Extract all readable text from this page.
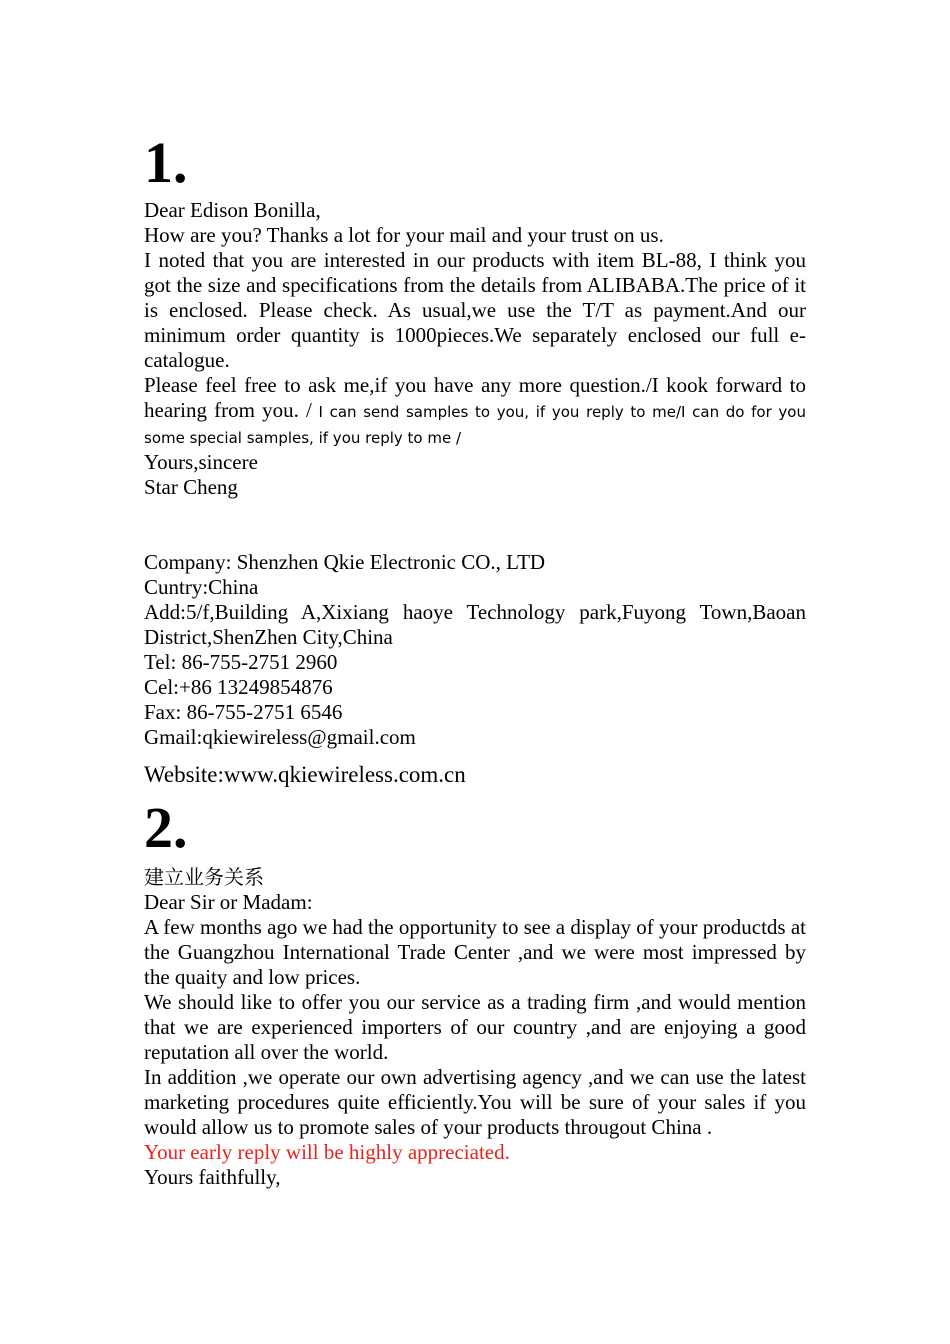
1.

Dear Edison Bonilla,

How are you? Thanks a lot for your mail and your trust on us.

I noted that you are interested in our products with item BL-88, I think you got the size and specifications from the details from ALIBABA.The price of it is enclosed. Please check. As usual,we use the T/T as payment.And our minimum order quantity is 1000pieces.We separately enclosed our full e-catalogue.

Please feel free to ask me,if you have any more question./I kook forward to hearing from you. / I can send samples to you, if you reply to me/I can do for you some special samples, if you reply to me /

Yours,sincere

Star Cheng

Company: Shenzhen Qkie Electronic CO., LTD

Cuntry:China

Add:5/f,Building A,Xixiang haoye Technology park,Fuyong Town,Baoan District,ShenZhen City,China

Tel: 86-755-2751 2960

Cel:+86 13249854876

Fax: 86-755-2751 6546

Gmail:qkiewireless@gmail.com

Website:www.qkiewireless.com.cn

2.

建立业务关系

Dear Sir or Madam:

A few months ago we had the opportunity to see a display of your productds at the Guangzhou International Trade Center ,and we were most impressed by the quaity and low prices.

We should like to offer you our service as a trading firm ,and would mention that we are experienced importers of our country ,and are enjoying a good reputation all over the world.

In addition ,we operate our own advertising agency ,and we can use the latest marketing procedures quite efficiently.You will be sure of your sales if you would allow us to promote sales of your products througout China .

Your early reply will be highly appreciated.

Yours faithfully,
